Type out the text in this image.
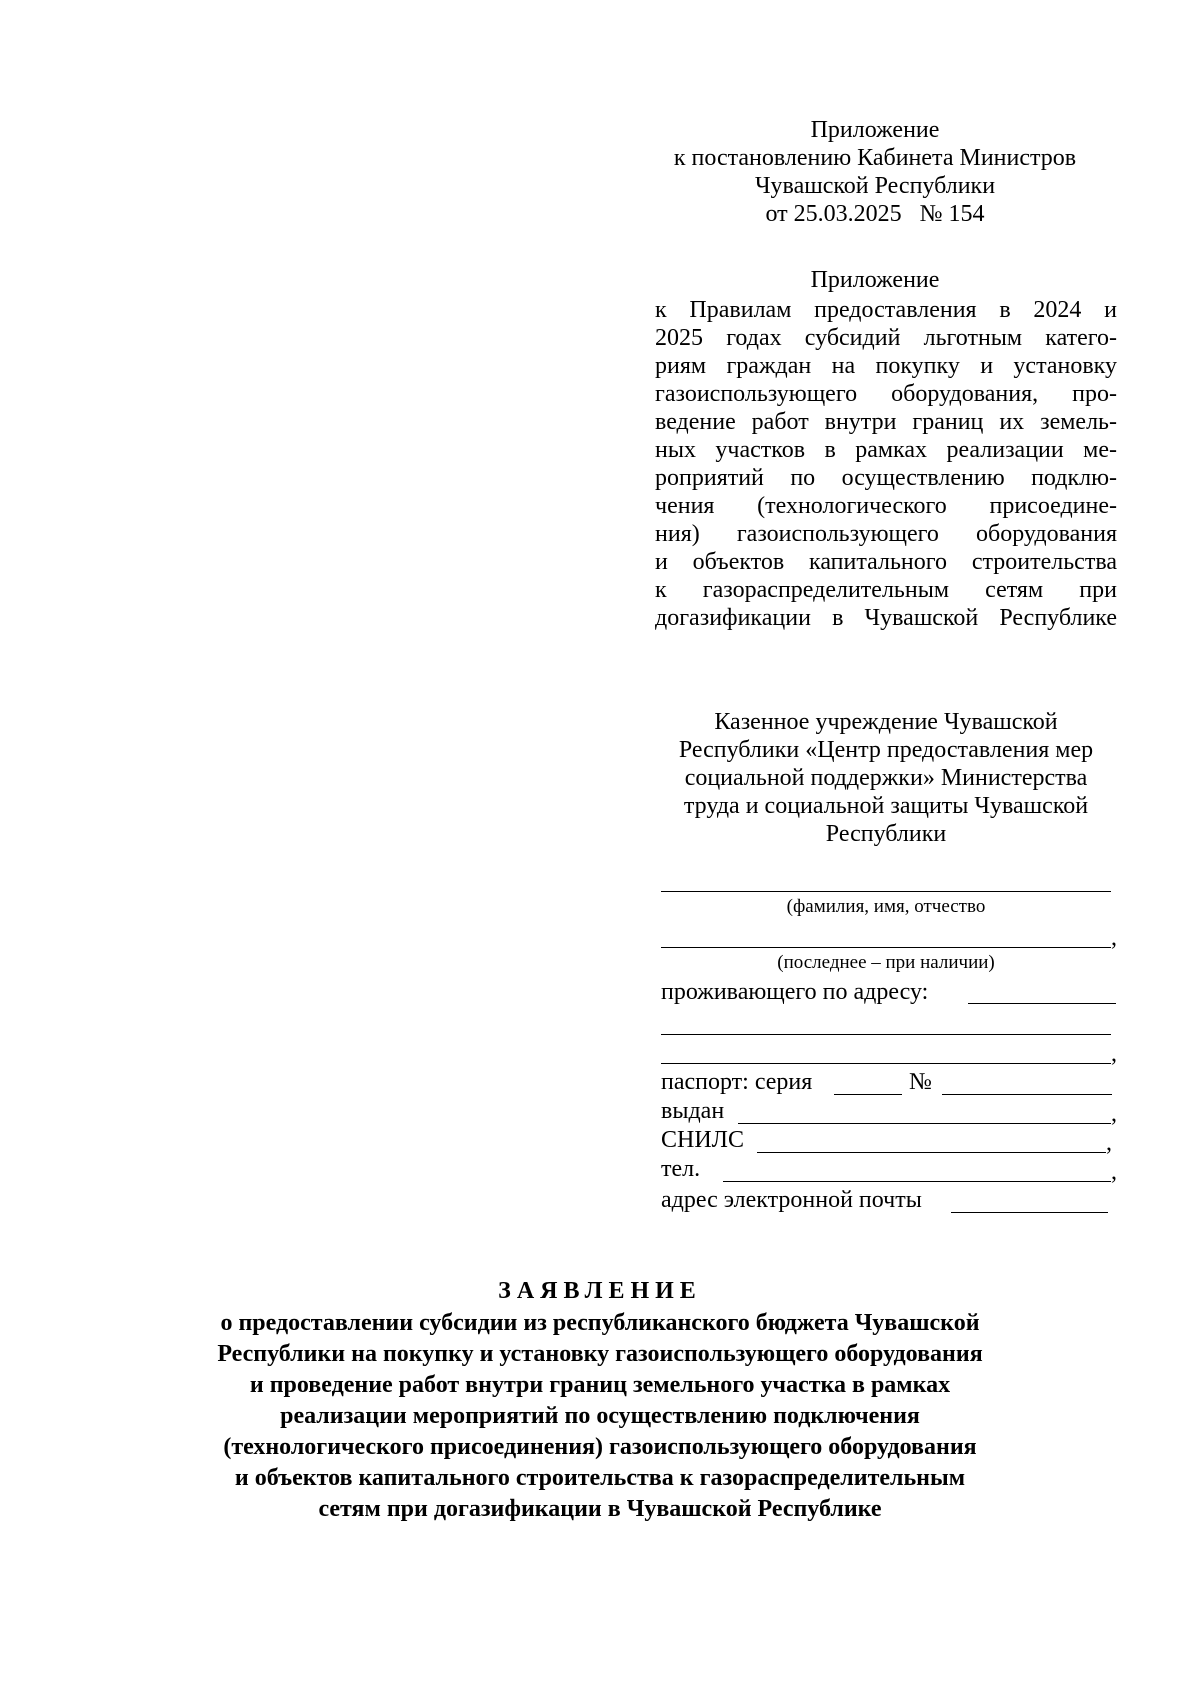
Приложение
к постановлению Кабинета Министров
Чувашской Республики
от 25.03.2025   № 154
Приложение
к Правилам предоставления в 2024 и
2025 годах субсидий льготным катего-
риям граждан на покупку и установку
газоиспользующего оборудования, про-
ведение работ внутри границ их земель-
ных участков в рамках реализации ме-
роприятий по осуществлению подклю-
чения (технологического присоедине-
ния) газоиспользующего оборудования
и объектов капитального строительства
к газораспределительным сетям при
догазификации в Чувашской Республике
Казенное учреждение Чувашской
Республики «Центр предоставления мер
социальной поддержки» Министерства
труда и социальной защиты Чувашской
Республики
(фамилия, имя, отчество
,
(последнее – при наличии)
проживающего по адресу:
,
паспорт: серия	№
выдан	,
СНИЛС	,
тел.	,
адрес электронной почты
ЗАЯВЛЕНИЕ
о предоставлении субсидии из республиканского бюджета Чувашской
Республики на покупку и установку газоиспользующего оборудования
и проведение работ внутри границ земельного участка в рамках
реализации мероприятий по осуществлению подключения
(технологического присоединения) газоиспользующего оборудования
и объектов капитального строительства к газораспределительным
сетям при догазификации в Чувашской Республике
